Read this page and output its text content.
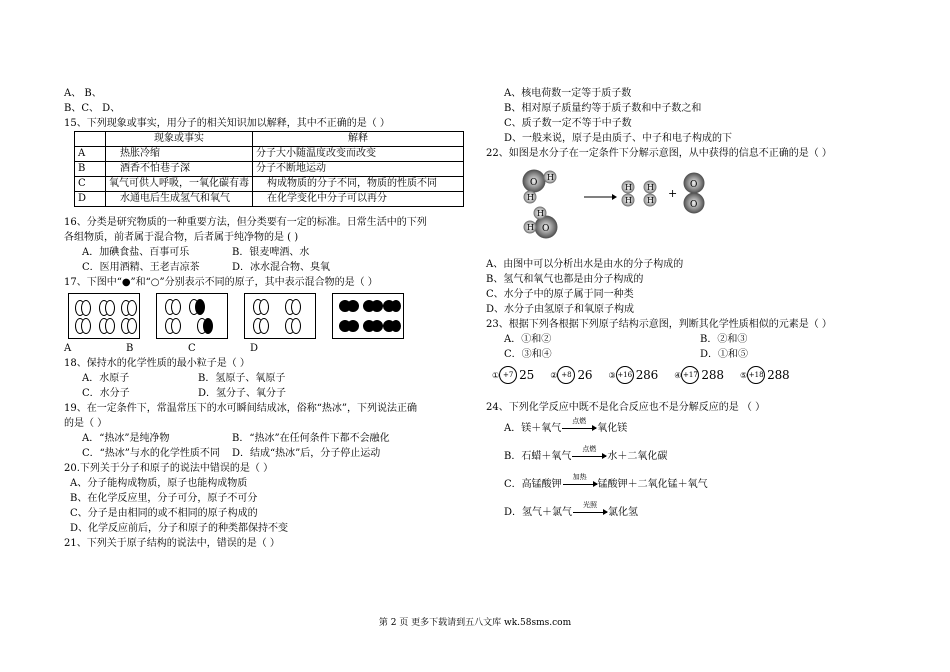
A、 B、
B、C、 D、
15、下列现象或事实，用分子的相关知识加以解释，其中不正确的是（ ）
	现象或事实	解释
A	热胀冷缩	分子大小随温度改变而改变
B	酒香不怕巷子深	分子不断地运动
C	氧气可供人呼吸，一氧化碳有毒	构成物质的分子不同，物质的性质不同
D	水通电后生成氢气和氧气	在化学变化中分子可以再分
16、分类是研究物质的一种重要方法，但分类要有一定的标准。日常生活中的下列
各组物质，前者属于混合物，后者属于纯净物的是 ( )
A．加碘食盐、百事可乐	B．银麦啤酒、水
C．医用酒精、王老吉凉茶	D．冰水混合物、臭氧
17、下图中“●”和“○”分别表示不同的原子，其中表示混合物的是（ ）
A	B	C	D
18、保持水的化学性质的最小粒子是（ ）
A．水原子	B．氢原子、氧原子
C．水分子	D．氢分子、氧分子
19、在一定条件下，常温常压下的水可瞬间结成冰，俗称“热冰”，下列说法正确
的是（ ）
A．“热冰”是纯净物	B．“热冰”在任何条件下都不会融化
C．“热冰”与水的化学性质不同	D．结成“热冰”后，分子停止运动
20.下列关于分子和原子的说法中错误的是（ ）
A、分子能构成物质，原子也能构成物质
B、在化学反应里，分子可分，原子不可分
C、分子是由相同的或不相同的原子构成的
D、化学反应前后，分子和原子的种类都保持不变
21、下列关于原子结构的说法中，错误的是（ ）
A、核电荷数一定等于质子数
B、相对原子质量约等于质子数和中子数之和
C、质子数一定不等于中子数
D、一般来说，原子是由质子、中子和电子构成的下
22、如图是水分子在一定条件下分解示意图，从中获得的信息不正确的是（ ）
O
H
H
O
H
H
H
H
H
H
+
O
O
A、由图中可以分析出水是由水的分子构成的
B、氢气和氧气也都是由分子构成的
C、水分子中的原子属于同一种类
D、水分子由氢原子和氧原子构成
23、根据下列各根据下列原子结构示意图，判断其化学性质相似的元素是（ ）
A．①和②	B．②和③
C．③和④	D．①和⑤
① +7 2 5 ② +8 2 6 ③ +16 2 8 6 ④ +17 2 8 8 ⑤ +18 2 8 8
24、下列化学反应中既不是化合反应也不是分解反应的是 （ ）
A．镁＋氧气
点燃
氧化镁
B．石蜡＋氧气
点燃
水＋二氧化碳
C．高锰酸钾
加热
锰酸钾＋二氧化锰＋氧气
D．氢气＋氯气
光照
氯化氢
第 2 页 更多下载请到五八文库 wk.58sms.com
